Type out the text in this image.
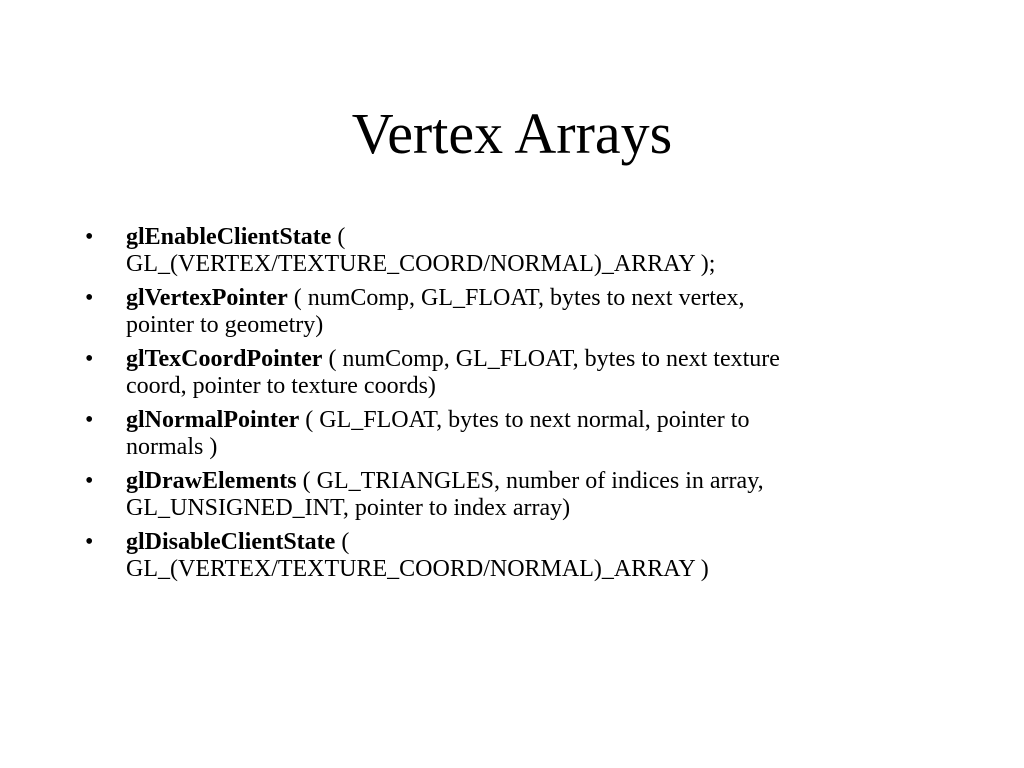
Vertex Arrays
•	glEnableClientState (
GL_(VERTEX/TEXTURE_COORD/NORMAL)_ARRAY );
•	glVertexPointer ( numComp, GL_FLOAT, bytes to next vertex,
pointer to geometry)
•	glTexCoordPointer ( numComp, GL_FLOAT, bytes to next texture
coord, pointer to texture coords)
•	glNormalPointer ( GL_FLOAT, bytes to next normal, pointer to
normals )
•	glDrawElements ( GL_TRIANGLES, number of indices in array,
GL_UNSIGNED_INT, pointer to index array)
•	glDisableClientState (
GL_(VERTEX/TEXTURE_COORD/NORMAL)_ARRAY )
